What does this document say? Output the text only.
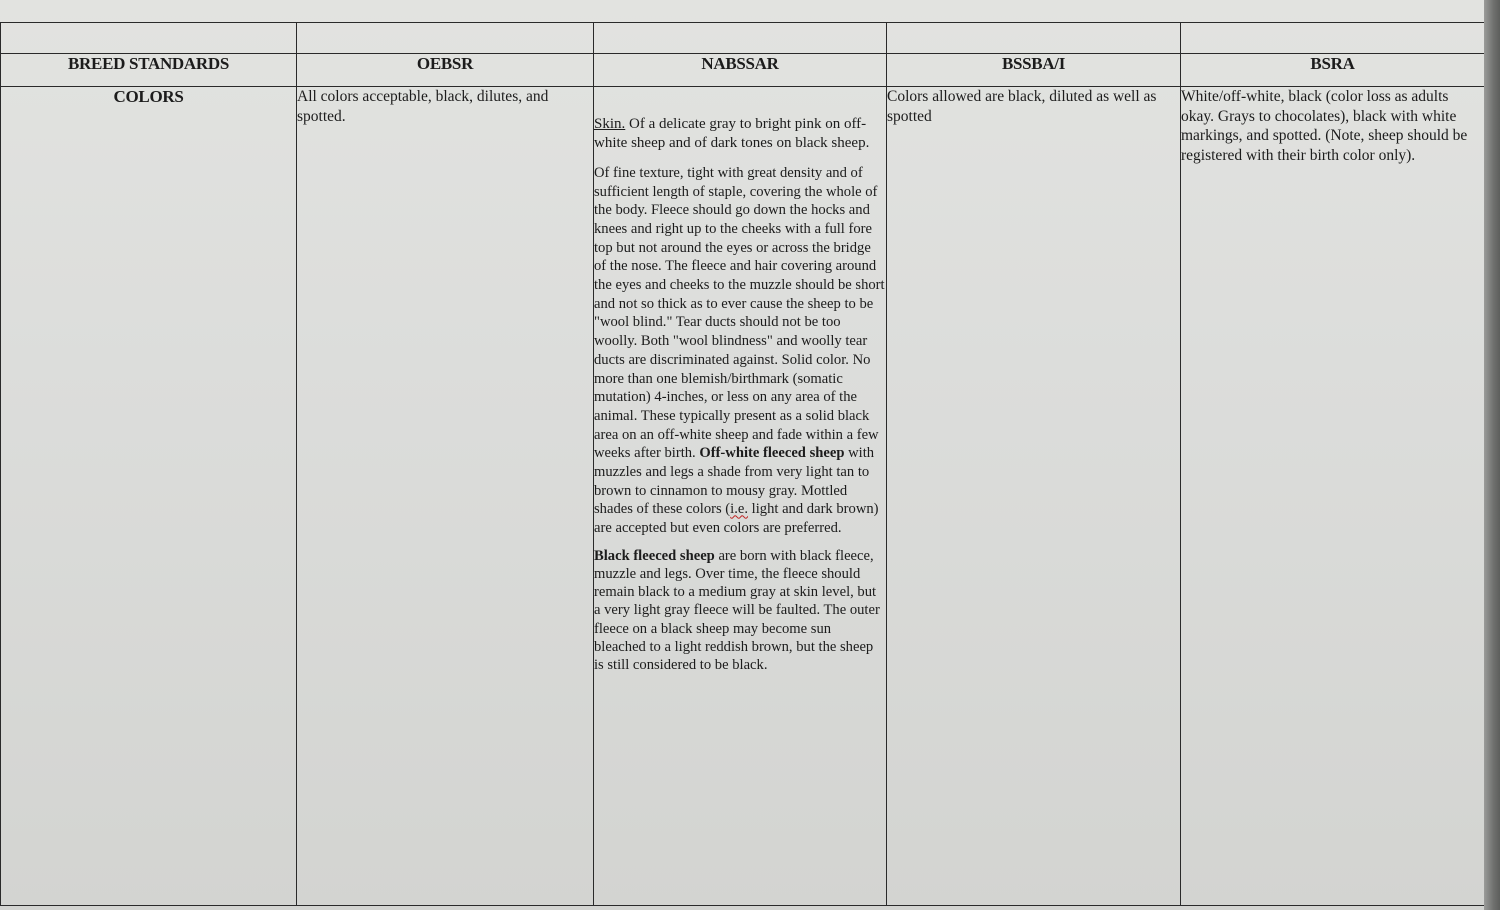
BREED STANDARDS	OEBSR	NABSSAR	BSSBA/I	BSRA
COLORS	All colors acceptable, black, dilutes, and spotted.	Skin. Of a delicate gray to bright pink on off-white sheep and of dark tones on black sheep.

Of fine texture, tight with great density and of sufficient length of staple, covering the whole of the body. Fleece should go down the hocks and knees and right up to the cheeks with a full fore top but not around the eyes or across the bridge of the nose. The fleece and hair covering around the eyes and cheeks to the muzzle should be short and not so thick as to ever cause the sheep to be "wool blind." Tear ducts should not be too woolly. Both "wool blindness" and woolly tear ducts are discriminated against. Solid color. No more than one blemish/birthmark (somatic mutation) 4-inches, or less on any area of the animal. These typically present as a solid black area on an off-white sheep and fade within a few weeks after birth. Off-white fleeced sheep with muzzles and legs a shade from very light tan to brown to cinnamon to mousy gray. Mottled shades of these colors (i.e. light and dark brown) are accepted but even colors are preferred.

Black fleeced sheep are born with black fleece, muzzle and legs. Over time, the fleece should remain black to a medium gray at skin level, but a very light gray fleece will be faulted. The outer fleece on a black sheep may become sun bleached to a light reddish brown, but the sheep is still considered to be black.	Colors allowed are black, diluted as well as spotted	White/off-white, black (color loss as adults okay. Grays to chocolates), black with white markings, and spotted. (Note, sheep should be registered with their birth color only).
